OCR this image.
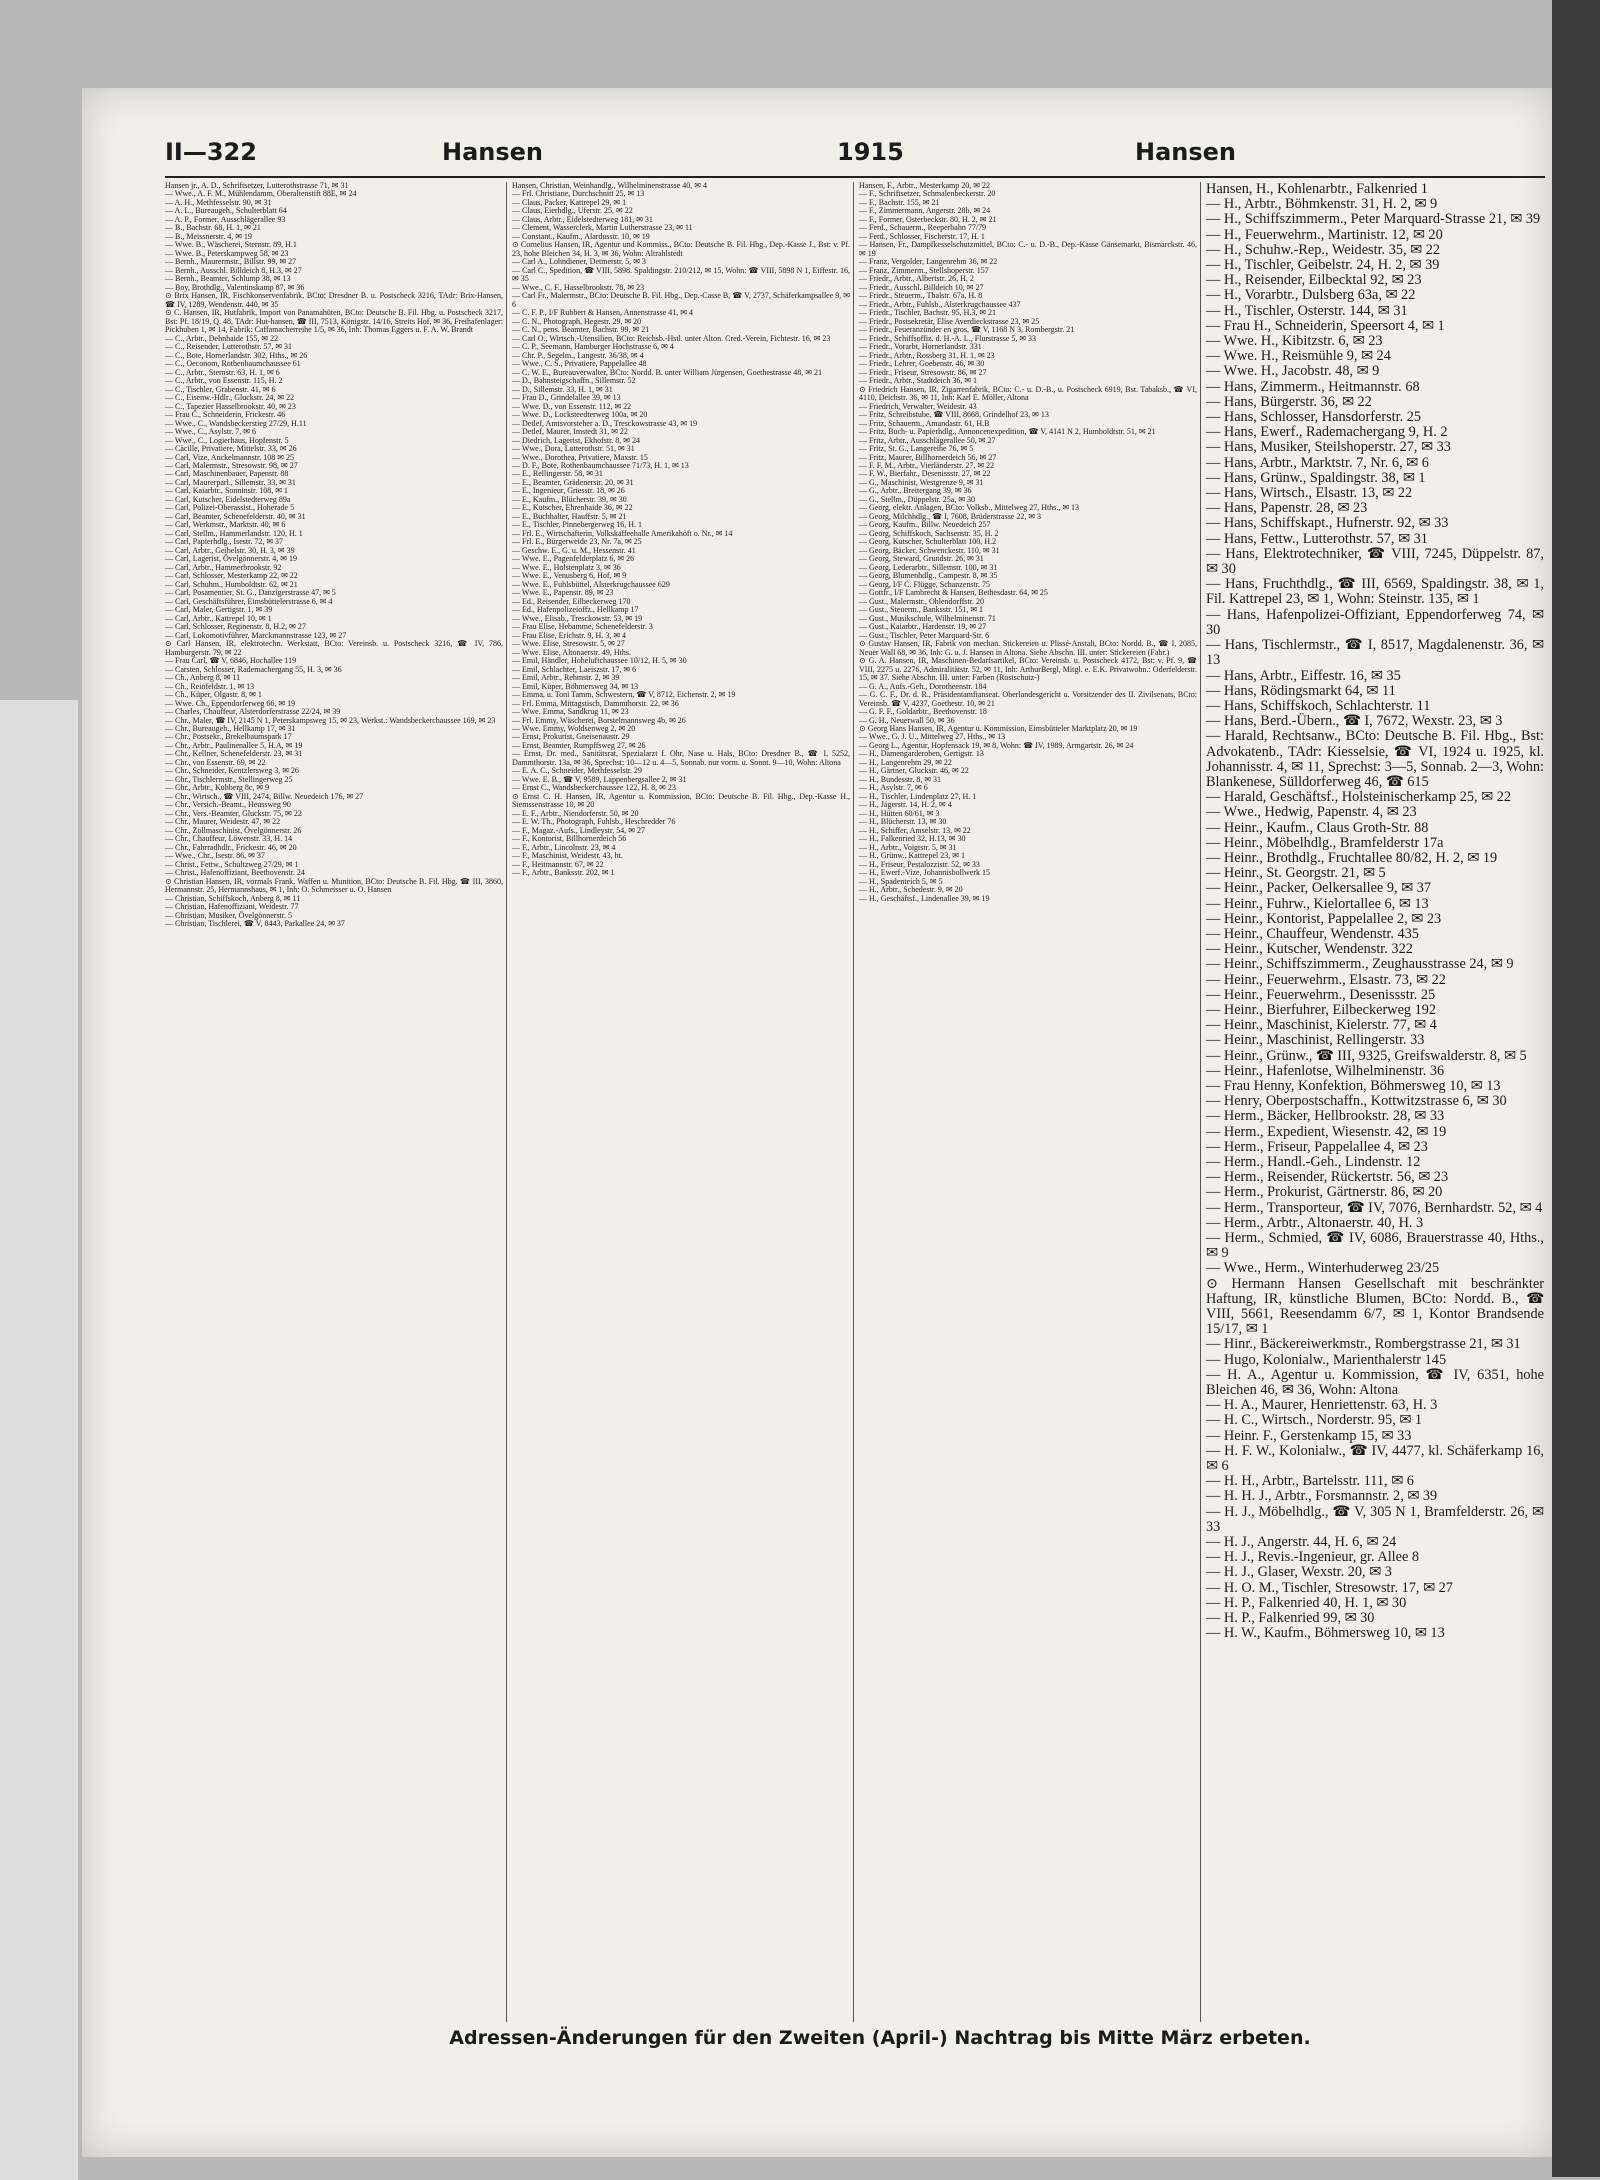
II—322	Hansen	1915	Hansen
Hansen jr., A. D., Schriftsetzer, Lutterothstrasse 71, ✉ 31
— Wwe., A. F. M., Mühlendamm, Oberaltenstift 88E, ✉ 24
— A. H., Methfesselstr. 90, ✉ 31
— A. L., Bureaugeh., Schulterblatt 64
— A. P., Former, Ausschlägerallee 93
— B., Bachstr. 68, H. 1, ✉ 21
— B., Meissnerstr. 4, ✉ 19
— Wwe. B., Wäscherei, Sternstr. 89, H.1
— Wwe. B., Peterskampweg 58, ✉ 23
— Bernh., Maurermstr., Billstr. 99, ✉ 27
— Bernh., Ausschl. Billdeich 8, H.3, ✉ 27
— Bernh., Beamter, Schlump 38, ✉ 13
— Boy, Brothdlg., Valentinskamp 87, ✉ 36
⊙ Brix Hansen, IR, Fischkonservenfabrik, BCto: Dresdner B. u. Postscheck 3216, TAdr: Brix-Hansen, ☎ IV, 1289, Wendenstr. 440, ✉ 35
⊙ C. Hansen, IR, Hutfabrik, Import von Panamahüten, BCto: Deutsche B. Fil. Hbg. u. Postscheck 3217, Bst: Pf. 18/19, Q. 48, TAdr: Hut-hansen, ☎ III, 7513, Königstr. 14/16, Streits Hof, ✉ 36, Freihafenlager: Pickhuben 1, ✉ 14, Fabrik: Caffamacherreihe 1/5, ✉ 36, Inh: Thomas Eggers u. F. A. W. Brandt
— C., Arbtr., Dehnhaide 155, ✉ 22
— C., Reisender, Lutterothstr. 57, ✉ 31
— C., Bote, Hornerlandstr. 302, Hths., ✉ 26
— C., Oeconom, Rothenbaumchaussee 61
— C., Arbtr., Sternstr. 63, H. 1, ✉ 6
— C., Arbtr., von Essenstr. 115, H. 2
— C., Tischler, Grabenstr. 41, ✉ 6
— C., Eisenw.-Hdlr., Gluckstr. 24, ✉ 22
— C., Tapezier Hasselbrookstr. 40, ✉ 23
— Frau C., Schneiderin, Frickestr. 46
— Wwe., C., Wandsbeckerstieg 27/29, H.11
— Wwe., C., Asylstr. 7, ✉ 6
— Wwe., C., Logierhaus, Hopfenstr. 5
— Cäcille, Privatiere, Mittelstr. 33, ✉ 26
— Carl, Vize, Anckelmannstr. 108 ✉ 25
— Carl, Malermstr., Stresowstr. 98, ✉ 27
— Carl, Maschinenbauer, Papenstr. 88
— Carl, Maurerparl., Sillemstr. 33, ✉ 31
— Carl, Kaiarbtr., Sonninstr. 108, ✉ 1
— Carl, Kutscher, Eidelstedterweg 89a
— Carl, Polizei-Oberassist., Hoherade 5
— Carl, Beamter, Schenefelderstr. 40, ✉ 31
— Carl, Werkmstr., Marktstr. 40, ✉ 6
— Carl, Stellm., Hammerlandstr. 120, H. 1
— Carl, Papierhdlg., Isestr. 72, ✉ 37
— Carl, Arbtr., Geibelstr. 30, H. 3, ✉ 39
— Carl, Lagerist, Övelgönnerstr. 4, ✉ 19
— Carl, Arbtr., Hammerbrookstr. 92
— Carl, Schlosser, Mesterkamp 22, ✉ 22
— Carl, Schuhm., Humboldtstr. 62, ✉ 21
— Carl, Posamentier, St. G., Danzigerstrasse 47, ✉ 5
— Carl, Geschäftsführer, Eimsbüttelerstrasse 6, ✉ 4
— Carl, Maler, Gertigstr. 1, ✉ 39
— Carl, Arbtr., Kattrepel 10, ✉ 1
— Carl, Schlosser, Reginenstr. 8, H.2, ✉ 27
— Carl, Lokomotivführer, Marckmannstrasse 123, ✉ 27
⊙ Carl Hansen, IR, elektrotechn. Werkstatt, BCto: Vereinsb. u. Postscheck 3216, ☎ IV, 786, Hamburgerstr. 79, ✉ 22
— Frau Carl, ☎ V, 6846, Hochallee 119
— Carsten, Schlosser, Rademachergang 55, H. 3, ✉ 36
— Ch., Anberg 8, ✉ 11
— Ch., Reinfeldstr. 1, ✉ 13
— Ch., Küper, Olgastr. 8, ✉ 1
— Wwe. Ch., Eppendorferweg 66, ✉ 19
— Charles, Chauffeur, Alsterdorferstrasse 22/24, ✉ 39
— Chr., Maler, ☎ IV, 2145 N 1, Peterskampsweg 15, ✉ 23, Werkst.: Wandsbeckerchaussee 169, ✉ 23
— Chr., Bureaugeh., Hellkamp 17, ✉ 31
— Chr., Postsekr., Brekelbaumspark 17
— Chr., Arbtr., Paulinenallee 5, H.A, ✉ 19
— Chr., Kellner, Schenefelderstr. 23, ✉ 31
— Chr., von Essenstr. 69, ✉ 22
— Chr., Schneider, Kentzlersweg 3, ✉ 26
— Chr., Tischlermstr., Stellingerweg 25
— Chr., Arbtr., Kuhberg 8c, ✉ 9
— Chr., Wirtsch., ☎ VIII, 2474, Billw. Neuedeich 176, ✉ 27
— Chr., Versich.-Beamt., Heussweg 90
— Chr., Vers.-Beamter, Gluckstr. 75, ✉ 22
— Chr., Maurer, Weidestr. 47, ✉ 22
— Chr., Zollmaschinist, Övelgönnerstr. 26
— Chr., Chauffeur, Löwenstr. 33, H. 14
— Chr., Fahrradhdlr., Frickestr. 46, ✉ 20
— Wwe., Chr., Isestr. 86, ✉ 37
— Christ., Fettw., Schultzweg 27/29, ✉ 1
— Christ., Hafenoffiziant, Beethovenstr. 24
⊙ Christian Hansen, IR, vormals Frank, Waffen u. Munition, BCto: Deutsche B. Fil. Hbg. ☎ III, 3860, Hermannstr. 25, Hermannshaus, ✉ 1, Inh: O. Schmeisser u. O. Hansen
— Christian, Schiffskoch, Anberg 8, ✉ 11
— Christian, Hafenoffiziant, Weidestr. 77
— Christian, Musiker, Övelgönnerstr. 5
— Christian, Tischlerei, ☎ V, 8443, Parkallee 24, ✉ 37
Hansen, Christian, Weinhandlg., Wilhelminenstrasse 40, ✉ 4
— Frl. Christiane, Durchschnitt 25, ✉ 13
— Claus, Packer, Kattrepel 29, ✉ 1
— Claus, Eierhdlg., Uferstr. 25, ✉ 22
— Claus, Arbtr., Eidelstedterweg 181, ✉ 31
— Clement, Wasserclerk, Martin Lutherstrasse 23, ✉ 11
— Constant., Kaufm., Alardusstr. 10, ✉ 19
⊙ Cornelius Hansen, IR, Agentur und Kommiss., BCto: Deutsche B. Fil. Hbg., Dep.-Kasse J., Bst: v. Pf. 23, hohe Bleichen 34, H. 3, ✉ 36, Wohn: Altrahlstedt
— Carl A., Lohndiener, Detmerstr. 5, ✉ 3
— Carl C., Spedition, ☎ VIII, 5898. Spaldingstr. 210/212, ✉ 15, Wohn: ☎ VIII, 5898 N 1, Eiffestr. 16, ✉ 35
— Wwe., C. F., Hasselbrookstr. 78, ✉ 23
— Carl Fr., Malermstr., BCto: Deutsche B. Fil. Hbg., Dep.-Casse B, ☎ V, 2737, Schäferkampsallee 9, ✉ 6
— C. F. P., I/F Rubbert & Hansen, Annenstrasse 41, ✉ 4
— C. N., Photograph, Hegestr. 29, ✉ 20
— C. N., pens. Beamter, Bachstr. 99, ✉ 21
— Carl O., Wirtsch.-Utensilien, BCto: Reichsb.-Hstl. unter Alton. Cred.-Verein, Fichtestr. 16, ✉ 23
— C. P., Seemann, Hamburger Hochstrasse 6, ✉ 4
— Chr. P., Segelm., Langestr. 36/38, ✉ 4
— Wwe., C. S., Privatiere, Pappelallee 48
— C. W. E., Bureauverwalter, BCto: Nordd. B. unter William Jürgensen, Goethestrasse 48, ✉ 21
— D., Bahnsteigschaffn., Sillemstr. 52
— D., Sillemstr. 33, H. 1, ✉ 31
— Frau D., Grindelallee 39, ✉ 13
— Wwe. D., von Essenstr. 112, ✉ 22
— Wwe. D., Locksteedterweg 100a, ✉ 20
— Detlef, Amtsvorsteher a. D., Tresckowstrasse 43, ✉ 19
— Detlef, Maurer, Imstedt 31, ✉ 22
— Diedrich, Lagerist, Ekhofstr. 8, ✉ 24
— Wwe., Dora, Lutterothstr. 51, ✉ 31
— Wwe., Dorothea, Privatiere, Maxstr. 15
— D. F., Bote, Rothenbaumchaussee 71/73, H. 1, ✉ 13
— E., Rellingerstr. 58, ✉ 31
— E., Beamter, Grädenerstr. 20, ✉ 31
— E., Ingenieur, Griesstr. 18, ✉ 26
— E., Kaufm., Blücherstr. 39, ✉ 30
— E., Kutscher, Ehrenhaide 36, ✉ 22
— E., Buchhalter, Hauffstr. 5, ✉ 21
— E., Tischler, Pinnebergerweg 16, H. 1
— Frl. E., Wirtschafterin, Volkskaffeehalle Amerikahöft o. Nr., ✉ 14
— Frl. E., Bürgerweide 23, Nr. 7a, ✉ 25
— Geschw. E., G. u. M., Hessenstr. 41
— Wwe. E., Pagenfelderplatz 6, ✉ 26
— Wwe. E., Holstenplatz 3, ✉ 36
— Wwe. E., Venusberg 6, Hof, ✉ 9
— Wwe. E., Fuhlsbüttel, Alsterkrugchaussee 629
— Wwe. E., Papenstr. 89, ✉ 23
— Ed., Reisender, Eilbeckerweg 170
— Ed., Hafenpolizeioffz., Hellkamp 17
— Wwe., Elisab., Tresckowstr. 53, ✉ 19
— Frau Elise, Hebamme, Schenefelderstr. 3
— Frau Elise, Erichstr. 9, H. 3, ✉ 4
— Wwe. Elise, Stresowstr. 5, ✉ 27
— Wwe. Elise, Altonaerstr. 49, Hths.
— Emil, Händler, Hoheluftchaussee 10/12, H. 5, ✉ 30
— Emil, Schlachter, Laeiszstr. 17, ✉ 6
— Emil, Arbtr., Rehmstr. 2, ✉ 39
— Emil, Küper, Böhmersweg 34, ✉ 13
— Emma, u. Toni Tamm, Schwestern, ☎ V, 8712, Eichenstr. 2, ✉ 19
— Frl. Emma, Mittagstisch, Dammthorstr. 22, ✉ 36
— Wwe. Emma, Sandkrug 11, ✉ 23
— Frl. Emmy, Wäscherei, Borstelmannsweg 4b, ✉ 26
— Wwe. Emmy, Woldsenweg 2, ✉ 20
— Ernst, Prokurist, Gneisenaustr. 29
— Ernst, Beamter, Rumpffsweg 27, ✉ 26
— Ernst, Dr. med., Sanitätsrat, Spezialarzt f. Ohr, Nase u. Hals, BCto: Dresdner B., ☎ I, 5252, Dammthorstr. 13a, ✉ 36, Sprechst: 10—12 u. 4—5, Sonnab. nur vorm. u. Sonnt. 9—10, Wohn: Altona
— E. A. C., Schneider, Methfesselstr. 29
— Wwe. E. B., ☎ V, 9589, Lappenbergsallee 2, ✉ 31
— Ernst C., Wandsbeckerchaussee 122, H. 8, ✉ 23
⊙ Ernst C. H. Hansen, IR, Agentur u. Kommission, BCto: Deutsche B. Fil. Hbg., Dep.-Kasse H., Siemssenstrasse 10, ✉ 20
— E. F., Arbtr., Niendorferstr. 50, ✉ 20
— E. W. Th., Photograph, Fuhlsb., Heschredder 76
— F., Magaz.-Aufs., Lindleystr. 54, ✉ 27
— F., Kontorist, Billhornerdeich 56
— F., Arbtr., Lincolnstr. 23, ✉ 4
— F., Maschinist, Weidestr. 43, ht.
— F., Heitmannstr. 67, ✉ 22
— F., Arbtr., Banksstr. 202, ✉ 1
Hansen, F., Arbtr., Mesterkamp 20, ✉ 22
— F., Schriftsetzer, Schmalenbeckerstr. 20
— F., Bachstr. 155, ✉ 21
— F., Zimmermann, Angerstr. 28b, ✉ 24
— F., Former, Osterbeckstr. 80, H. 2, ✉ 21
— Ferd., Schauerm., Reeperbahn 77/79
— Ferd., Schlosser, Fischerstr. 17, H. 1
— Hansen, Fr., Dampfkesselschutzmittel, BCto: C.- u. D.-B., Dep.-Kasse Gänsemarkt, Bismarckstr. 46, ✉ 19
— Franz, Vergolder, Langenrehm 36, ✉ 22
— Franz, Zimmerm., Stellshoperstr. 157
— Friedr., Arbtr., Albertstr. 26, H. 2
— Friedr., Ausschl. Billdeich 10, ✉ 27
— Friedr., Steuerm., Thalstr. 67a, H. 8
— Friedr., Arbtr., Fuhlsb., Alsterkrugchaussee 437
— Friedr., Tischler, Bachstr. 95, H.3, ✉ 21
— Friedr., Postsekretär, Elise Averdieckstrasse 23, ✉ 25
— Friedr., Feueranzünder en gros, ☎ V, 1168 N 3, Rombergstr. 21
— Friedr., Schiffsoffiz. d. H.-A. L., Flurstrasse 5, ✉ 33
— Friedr., Vorarbt, Hornerlandstr. 331
— Friedr., Arbtr., Rossberg 31, H. 1, ✉ 23
— Friedr., Lehrer, Goebenstr. 46, ✉ 30
— Friedr., Friseur, Stresowstr. 86, ✉ 27
— Friedr., Arbtr., Stadtdeich 36, ✉ 1
⊙ Friedrich Hansen, IR, Zigarrenfabrik, BCto: C.- u. D.-B., u. Postscheck 6919, Bst. Tabaksb., ☎ VI, 4110, Deichstr. 36, ✉ 11, Inh: Karl E. Möller, Altona
— Friedrich, Verwalter, Weidestr. 43
— Fritz, Schreibstube, ☎ VIII, 8668, Grindelhof 23, ✉ 13
— Fritz, Schauerm., Amandastr. 61, H.B
— Fritz, Buch- u. Papierhdlg., Annoncenexpedition, ☎ V, 4141 N 2, Humboldtstr. 51, ✉ 21
— Fritz, Arbtr., Ausschlägerallee 50, ✉ 27
— Fritz, St. G., Langereihe 76, ✉ 5
— Fritz, Maurer, Billhornerdeich 56, ✉ 27
— F. F. M., Arbtr., Vierländerstr. 27, ✉ 22
— F. W., Bierfahr., Desenissstr. 27, ✉ 22
— G., Maschinist, Westgrenze 9, ✉ 31
— G., Arbtr., Breitergang 39, ✉ 36
— G., Stellm., Düppelstr. 25a, ✉ 30
— Georg, elektr. Anlagen, BCto: Volksb., Mittelweg 27, Hths., ✉ 13
— Georg, Milchhdlg., ☎ I, 7608, Brüderstrasse 22, ✉ 3
— Georg, Kaufm., Billw. Neuedeich 257
— Georg, Schiffskoch, Sachsenstr. 35, H. 2
— Georg, Kutscher, Schulterblatt 100, H.2
— Georg, Bäcker, Schwenckestr. 110, ✉ 31
— Georg, Steward, Grundstr. 26, ✉ 31
— Georg, Lederarbtr., Sillemstr. 100, ✉ 31
— Georg, Blumenhdlg., Campestr. 8, ✉ 35
— Georg, I/F C. Flügge, Schanzenstr. 75
— Gottfr., I/F Lambrecht & Hansen, Bethesdastr. 64, ✉ 25
— Gust., Malermstr., Ohlendorffstr. 20
— Gust., Steuerm., Banksstr. 151, ✉ 1
— Gust., Musikschule, Wilhelminenstr. 71
— Gust., Kaiarbtr., Hardenstr. 19, ✉ 27
— Gust., Tischler, Peter Marquard-Str. 6
⊙ Gustav Hansen, IR, Fabrik von mechan. Stickereien u. Plissé-Anstalt, BCto: Nordd. B., ☎ I, 2085, Neuer Wall 68, ✉ 36, Inh: G. u. J. Hansen in Altona. Siehe Abschn. III. unter: Stickereien (Fabr.)
⊙ G. A. Hansen, IR, Maschinen-Bedarfsartikel, BCto: Vereinsb. u. Postscheck 4172, Bst: v. Pf. 9, ☎ VIII, 2275 u. 2276, Admiralitätstr. 52, ✉ 11, Inh: ArthurBergl, Mitgl. e. E.K. Privatwohn.: Oderfelderstr. 15, ✉ 37. Siehe Abschn. III. unter: Farben (Rostschutz-)
— G. A., Aufs.-Geh., Dorotheenstr. 184
— G. C. F., Dr. d. R., Präsidentamfianseat. Oberlandesgericht u. Vorsitzender des II. Zivilsenats, BCto: Vereinsb. ☎ V, 4237, Goethestr. 10, ✉ 21
— G. F. F., Goldarbtr., Beethovenstr. 18
— G. H., Neuerwall 50, ✉ 36
⊙ Georg Hans Hansen, IR, Agentur u. Kommission, Eimsbütteler Marktplatz 20, ✉ 19
— Wwe., G. J. U., Mittelweg 27, Hths., ✉ 13
— Georg L., Agentur, Hopfensack 19, ✉ 8, Wohn: ☎ IV, 1989, Armgartstr. 26, ✉ 24
— H., Damengarderoben, Gertigstr. 13
— H., Langenrehm 29, ✉ 22
— H., Gärtner, Gluckstr. 46, ✉ 22
— H., Bundesstr. 8, ✉ 31
— H., Asylstr. 7, ✉ 6
— H., Tischler, Lindenplatz 27, H. 1
— H., Jägerstr. 14, H. 2, ✉ 4
— H., Hütten 60/61, ✉ 3
— H., Blücherstr. 13, ✉ 30
— H., Schiffer, Amselstr. 13, ✉ 22
— H., Falkenried 32, H.13, ✉ 30
— H., Arbtr., Voigtstr. 5, ✉ 31
— H., Grünw., Kattrepel 23, ✉ 1
— H., Friseur, Pestalozzistr. 52, ✉ 33
— H., Ewerf.-Vize, Johannisbollwerk 15
— H., Spadenteich 5, ✉ 5
— H., Arbtr., Schedestr. 9, ✉ 20
— H., Geschäftsf., Lindenallee 39, ✉ 19
Hansen, H., Kohlenarbtr., Falkenried 1
— H., Arbtr., Böhmkenstr. 31, H. 2, ✉ 9
— H., Schiffszimmerm., Peter Marquard-Strasse 21, ✉ 39
— H., Feuerwehrm., Martinistr. 12, ✉ 20
— H., Schuhw.-Rep., Weidestr. 35, ✉ 22
— H., Tischler, Geibelstr. 24, H. 2, ✉ 39
— H., Reisender, Eilbecktal 92, ✉ 23
— H., Vorarbtr., Dulsberg 63a, ✉ 22
— H., Tischler, Osterstr. 144, ✉ 31
— Frau H., Schneiderin, Speersort 4, ✉ 1
— Wwe. H., Kibitzstr. 6, ✉ 23
— Wwe. H., Reismühle 9, ✉ 24
— Wwe. H., Jacobstr. 48, ✉ 9
— Hans, Zimmerm., Heitmannstr. 68
— Hans, Bürgerstr. 36, ✉ 22
— Hans, Schlosser, Hansdorferstr. 25
— Hans, Ewerf., Rademachergang 9, H. 2
— Hans, Musiker, Steilshoperstr. 27, ✉ 33
— Hans, Arbtr., Marktstr. 7, Nr. 6, ✉ 6
— Hans, Grünw., Spaldingstr. 38, ✉ 1
— Hans, Wirtsch., Elsastr. 13, ✉ 22
— Hans, Papenstr. 28, ✉ 23
— Hans, Schiffskapt., Hufnerstr. 92, ✉ 33
— Hans, Fettw., Lutterothstr. 57, ✉ 31
— Hans, Elektrotechniker, ☎ VIII, 7245, Düppelstr. 87, ✉ 30
— Hans, Fruchthdlg., ☎ III, 6569, Spaldingstr. 38, ✉ 1, Fil. Kattrepel 23, ✉ 1, Wohn: Steinstr. 135, ✉ 1
— Hans, Hafenpolizei-Offiziant, Eppendorferweg 74, ✉ 30
— Hans, Tischlermstr., ☎ I, 8517, Magdalenenstr. 36, ✉ 13
— Hans, Arbtr., Eiffestr. 16, ✉ 35
— Hans, Rödingsmarkt 64, ✉ 11
— Hans, Schiffskoch, Schlachterstr. 11
— Hans, Berd.-Übern., ☎ I, 7672, Wexstr. 23, ✉ 3
— Harald, Rechtsanw., BCto: Deutsche B. Fil. Hbg., Bst: Advokatenb., TAdr: Kiesselsie, ☎ VI, 1924 u. 1925, kl. Johannisstr. 4, ✉ 11, Sprechst: 3—5, Sonnab. 2—3, Wohn: Blankenese, Sülldorferweg 46, ☎ 615
— Harald, Geschäftsf., Holsteinischerkamp 25, ✉ 22
— Wwe., Hedwig, Papenstr. 4, ✉ 23
— Heinr., Kaufm., Claus Groth-Str. 88
— Heinr., Möbelhdlg., Bramfelderstr 17a
— Heinr., Brothdlg., Fruchtallee 80/82, H. 2, ✉ 19
— Heinr., St. Georgstr. 21, ✉ 5
— Heinr., Packer, Oelkersallee 9, ✉ 37
— Heinr., Fuhrw., Kielortallee 6, ✉ 13
— Heinr., Kontorist, Pappelallee 2, ✉ 23
— Heinr., Chauffeur, Wendenstr. 435
— Heinr., Kutscher, Wendenstr. 322
— Heinr., Schiffszimmerm., Zeughausstrasse 24, ✉ 9
— Heinr., Feuerwehrm., Elsastr. 73, ✉ 22
— Heinr., Feuerwehrm., Desenissstr. 25
— Heinr., Bierfuhrer, Eilbeckerweg 192
— Heinr., Maschinist, Kielerstr. 77, ✉ 4
— Heinr., Maschinist, Rellingerstr. 33
— Heinr., Grünw., ☎ III, 9325, Greifswalderstr. 8, ✉ 5
— Heinr., Hafenlotse, Wilhelminenstr. 36
— Frau Henny, Konfektion, Böhmersweg 10, ✉ 13
— Henry, Oberpostschaffn., Kottwitzstrasse 6, ✉ 30
— Herm., Bäcker, Hellbrookstr. 28, ✉ 33
— Herm., Expedient, Wiesenstr. 42, ✉ 19
— Herm., Friseur, Pappelallee 4, ✉ 23
— Herm., Handl.-Geh., Lindenstr. 12
— Herm., Reisender, Rückertstr. 56, ✉ 23
— Herm., Prokurist, Gärtnerstr. 86, ✉ 20
— Herm., Transporteur, ☎ IV, 7076, Bernhardstr. 52, ✉ 4
— Herm., Arbtr., Altonaerstr. 40, H. 3
— Herm., Schmied, ☎ IV, 6086, Brauerstrasse 40, Hths., ✉ 9
— Wwe., Herm., Winterhuderweg 23/25
⊙ Hermann Hansen Gesellschaft mit beschränkter Haftung, IR, künstliche Blumen, BCto: Nordd. B., ☎ VIII, 5661, Reesendamm 6/7, ✉ 1, Kontor Brandsende 15/17, ✉ 1
— Hinr., Bäckereiwerkmstr., Rombergstrasse 21, ✉ 31
— Hugo, Kolonialw., Marienthalerstr 145
— H. A., Agentur u. Kommission, ☎ IV, 6351, hohe Bleichen 46, ✉ 36, Wohn: Altona
— H. A., Maurer, Henriettenstr. 63, H. 3
— H. C., Wirtsch., Norderstr. 95, ✉ 1
— Heinr. F., Gerstenkamp 15, ✉ 33
— H. F. W., Kolonialw., ☎ IV, 4477, kl. Schäferkamp 16, ✉ 6
— H. H., Arbtr., Bartelsstr. 111, ✉ 6
— H. H. J., Arbtr., Forsmannstr. 2, ✉ 39
— H. J., Möbelhdlg., ☎ V, 305 N 1, Bramfelderstr. 26, ✉ 33
— H. J., Angerstr. 44, H. 6, ✉ 24
— H. J., Revis.-Ingenieur, gr. Allee 8
— H. J., Glaser, Wexstr. 20, ✉ 3
— H. O. M., Tischler, Stresowstr. 17, ✉ 27
— H. P., Falkenried 40, H. 1, ✉ 30
— H. P., Falkenried 99, ✉ 30
— H. W., Kaufm., Böhmersweg 10, ✉ 13
Adressen-Änderungen für den Zweiten (April-) Nachtrag bis Mitte März erbeten.
